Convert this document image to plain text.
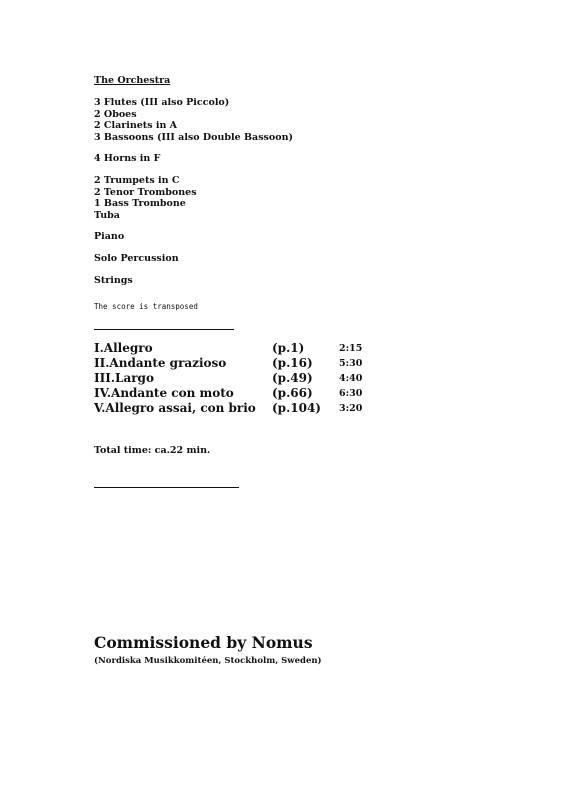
The Orchestra
3 Flutes (III also Piccolo)
2 Oboes
2 Clarinets in A
3 Bassoons (III also Double Bassoon)
4 Horns in F
2 Trumpets in C
2 Tenor Trombones
1 Bass Trombone
Tuba
Piano
Solo Percussion
Strings
The score is transposed
I.Allegro	(p.1)	2:15
II.Andante grazioso	(p.16)	5:30
III.Largo	(p.49)	4:40
IV.Andante con moto	(p.66)	6:30
V.Allegro assai, con brio (p.104) 3:20
Total time: ca.22 min.
Commissioned by Nomus
(Nordiska Musikkomitéen, Stockholm, Sweden)
